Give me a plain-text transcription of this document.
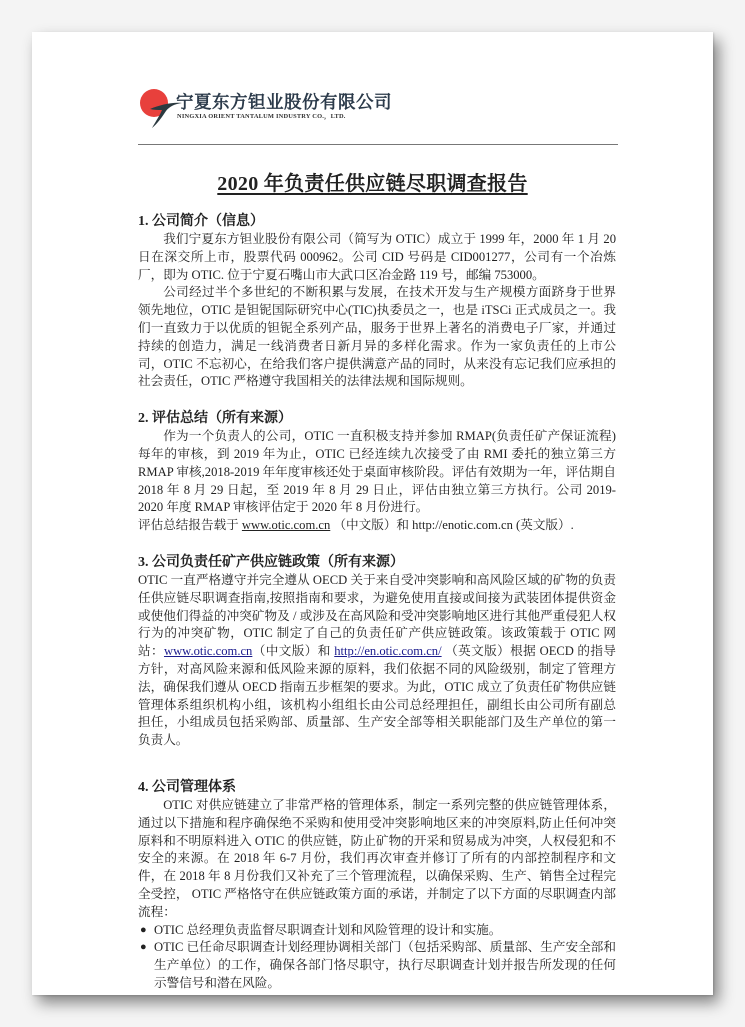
宁夏东方钽业股份有限公司
NINGXIA ORIENT TANTALUM INDUSTRY CO.，LTD.
2020 年负责任供应链尽职调查报告
1. 公司简介（信息）

我们宁夏东方钽业股份有限公司（简写为 OTIC）成立于 1999 年，2000 年 1 月 20 日在深交所上市，股票代码 000962。公司 CID 号码是 CID001277，公司有一个冶炼厂，即为 OTIC. 位于宁夏石嘴山市大武口区冶金路 119 号，邮编 753000。

公司经过半个多世纪的不断积累与发展，在技术开发与生产规模方面跻身于世界领先地位，OTIC 是钽铌国际研究中心(TIC)执委员之一，也是 iTSCi 正式成员之一。我们一直致力于以优质的钽铌全系列产品，服务于世界上著名的消费电子厂家，并通过持续的创造力，满足一线消费者日新月异的多样化需求。作为一家负责任的上市公司，OTIC 不忘初心，在给我们客户提供满意产品的同时，从来没有忘记我们应承担的社会责任，OTIC 严格遵守我国相关的法律法规和国际规则。

2. 评估总结（所有来源）

作为一个负责人的公司，OTIC 一直积极支持并参加 RMAP(负责任矿产保证流程)每年的审核，到 2019 年为止，OTIC 已经连续九次接受了由 RMI 委托的独立第三方 RMAP 审核,2018-2019 年年度审核还处于桌面审核阶段。评估有效期为一年，评估期自 2018 年 8 月 29 日起，至 2019 年 8 月 29 日止，评估由独立第三方执行。公司 2019-2020 年度 RMAP 审核评估定于 2020 年 8 月份进行。

评估总结报告载于 www.otic.com.cn （中文版）和 http://enotic.com.cn (英文版）.

3. 公司负责任矿产供应链政策（所有来源）

OTIC 一直严格遵守并完全遵从 OECD 关于来自受冲突影响和高风险区域的矿物的负责任供应链尽职调查指南,按照指南和要求，为避免使用直接或间接为武装团体提供资金或使他们得益的冲突矿物及 / 或涉及在高风险和受冲突影响地区进行其他严重侵犯人权行为的冲突矿物，OTIC 制定了自己的负责任矿产供应链政策。该政策载于 OTIC 网站：www.otic.com.cn（中文版）和 http://en.otic.com.cn/ （英文版）根据 OECD 的指导方针，对高风险来源和低风险来源的原料，我们依据不同的风险级别，制定了管理方法，确保我们遵从 OECD 指南五步框架的要求。为此，OTIC 成立了负责任矿物供应链管理体系组织机构小组，该机构小组组长由公司总经理担任，副组长由公司所有副总担任，小组成员包括采购部、质量部、生产安全部等相关职能部门及生产单位的第一负责人。

4. 公司管理体系

OTIC 对供应链建立了非常严格的管理体系，制定一系列完整的供应链管理体系，通过以下措施和程序确保绝不采购和使用受冲突影响地区来的冲突原料,防止任何冲突原料和不明原料进入 OTIC 的供应链，防止矿物的开采和贸易成为冲突，人权侵犯和不安全的来源。在 2018 年 6-7 月份，我们再次审查并修订了所有的内部控制程序和文件，在 2018 年 8 月份我们又补充了三个管理流程，以确保采购、生产、销售全过程完全受控， OTIC 严格恪守在供应链政策方面的承诺，并制定了以下方面的尽职调查内部流程：

● OTIC 总经理负责监督尽职调查计划和风险管理的设计和实施。
● OTIC 已任命尽职调查计划经理协调相关部门（包括采购部、质量部、生产安全部和生产单位）的工作，确保各部门恪尽职守，执行尽职调查计划并报告所发现的任何示警信号和潜在风险。
